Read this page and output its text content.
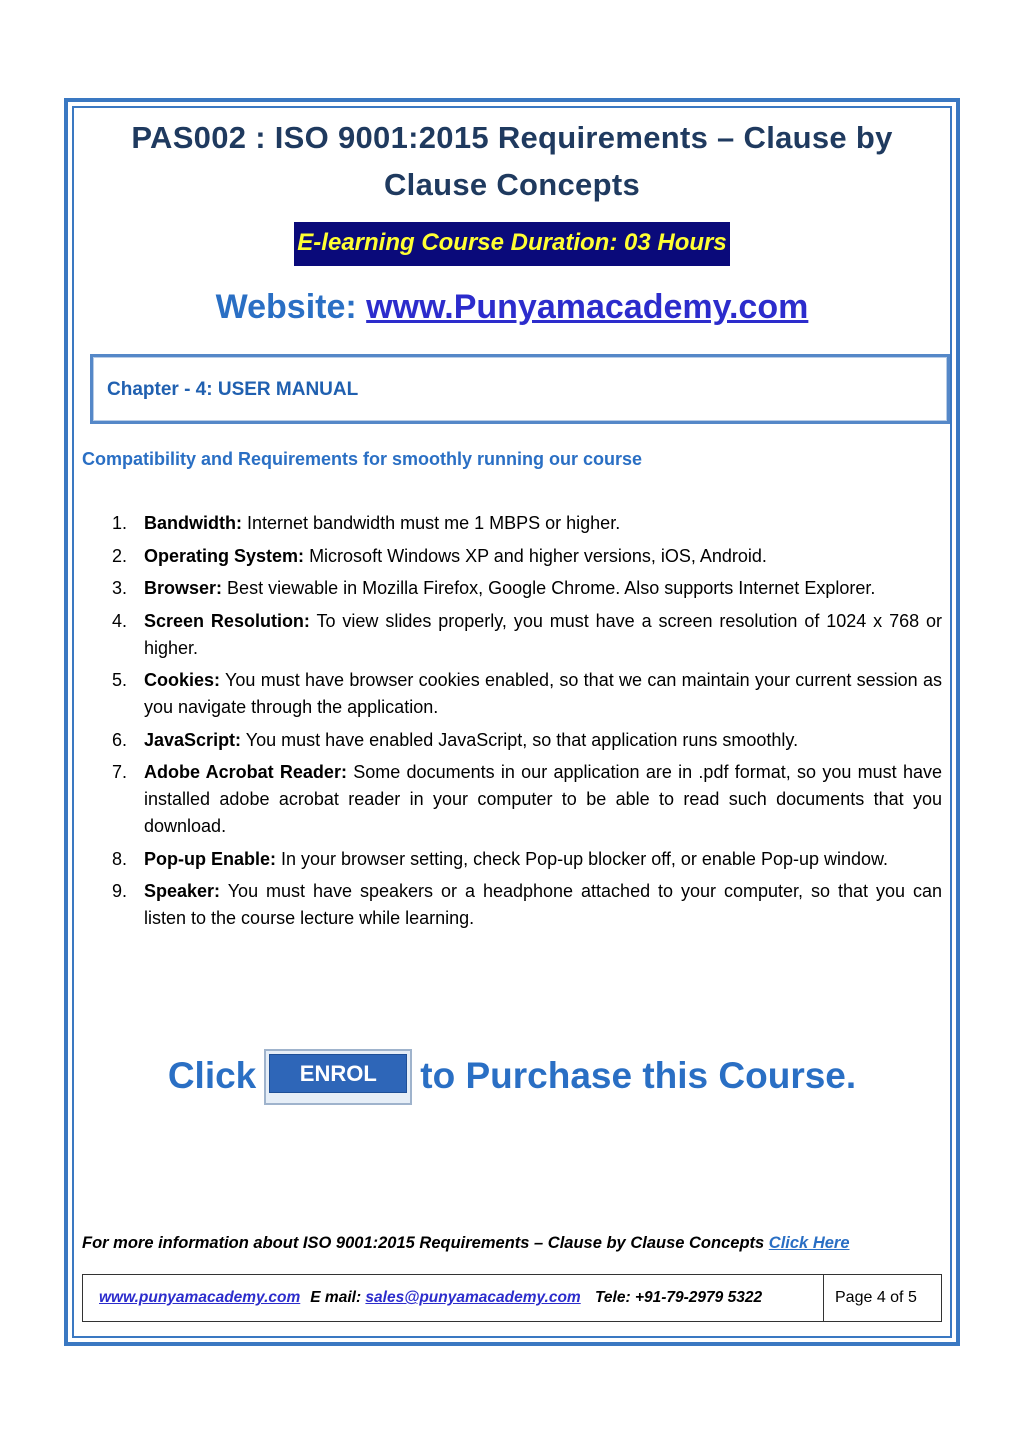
PAS002 : ISO 9001:2015 Requirements – Clause by Clause Concepts
E-learning Course Duration: 03 Hours
Website: www.Punyamacademy.com
Chapter - 4: USER MANUAL
Compatibility and Requirements for smoothly running our course
1. Bandwidth: Internet bandwidth must me 1 MBPS or higher.
2. Operating System: Microsoft Windows XP and higher versions, iOS, Android.
3. Browser: Best viewable in Mozilla Firefox, Google Chrome. Also supports Internet Explorer.
4. Screen Resolution: To view slides properly, you must have a screen resolution of 1024 x 768 or higher.
5. Cookies: You must have browser cookies enabled, so that we can maintain your current session as you navigate through the application.
6. JavaScript: You must have enabled JavaScript, so that application runs smoothly.
7. Adobe Acrobat Reader: Some documents in our application are in .pdf format, so you must have installed adobe acrobat reader in your computer to be able to read such documents that you download.
8. Pop-up Enable: In your browser setting, check Pop-up blocker off, or enable Pop-up window.
9. Speaker: You must have speakers or a headphone attached to your computer, so that you can listen to the course lecture while learning.
Click	ENROL	to Purchase this Course.
For more information about ISO 9001:2015 Requirements – Clause by Clause Concepts Click Here
www.punyamacademy.com E mail: sales@punyamacademy.com Tele: +91-79-2979 5322	Page 4 of 5
